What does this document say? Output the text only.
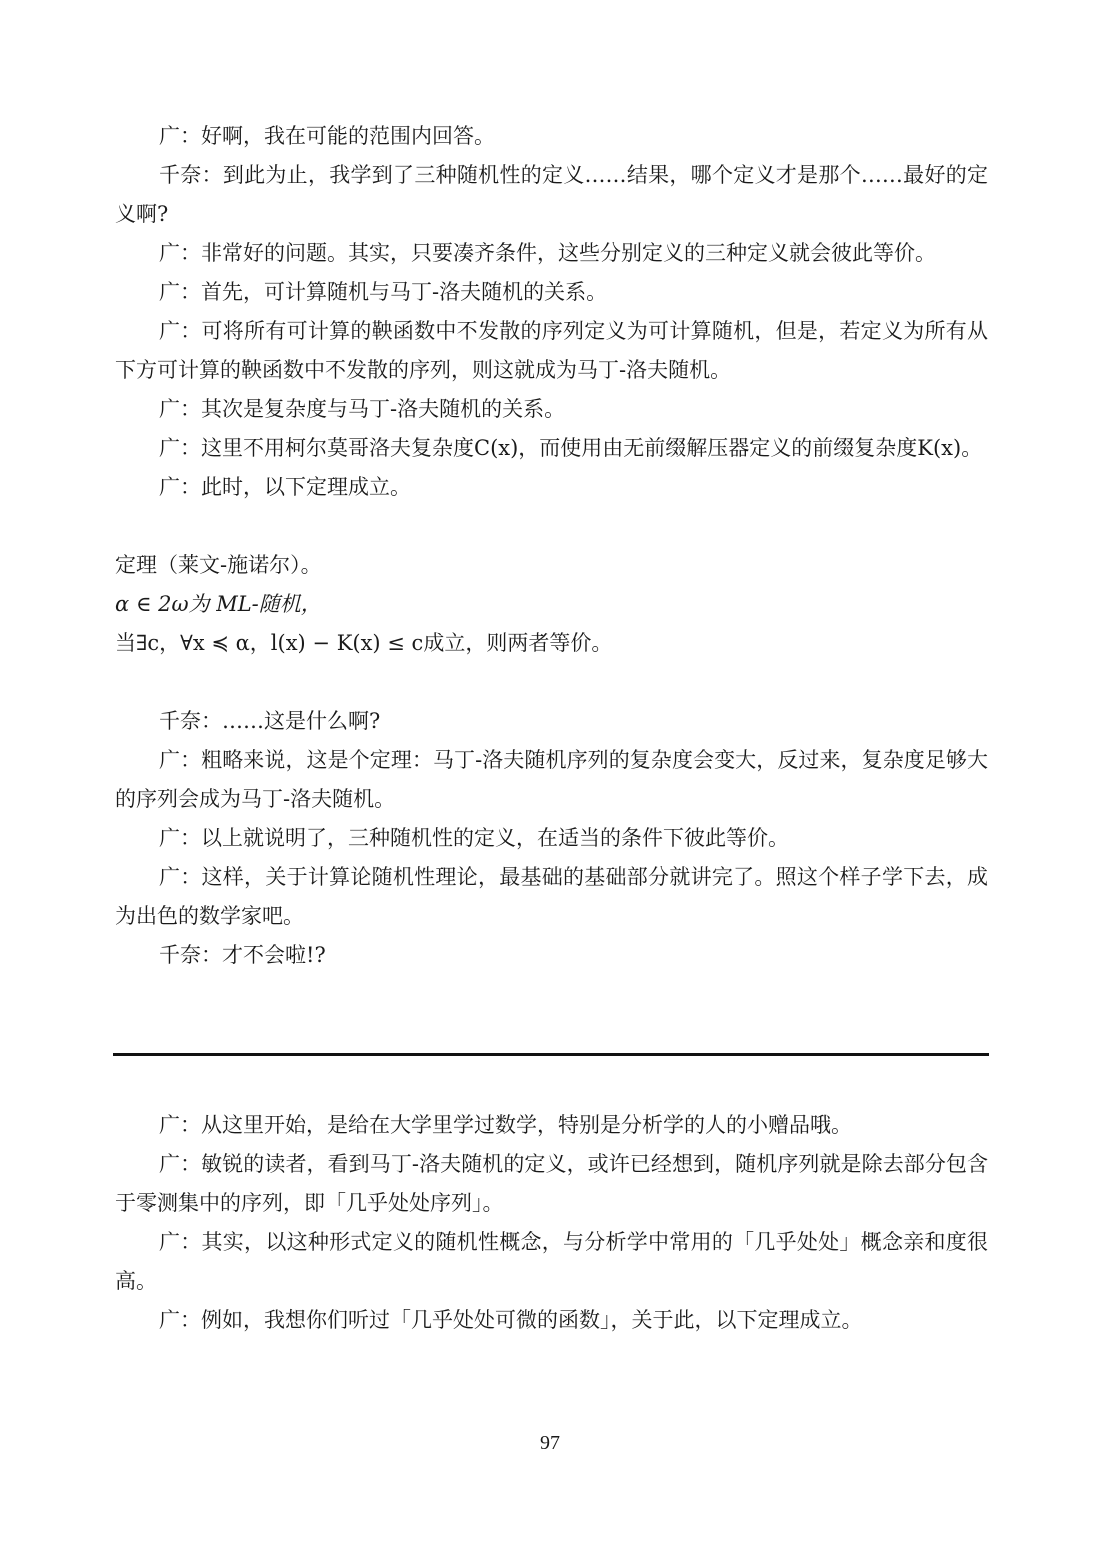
广：好啊，我在可能的范围内回答。

千奈：到此为止，我学到了三种随机性的定义……结果，哪个定义才是那个……最好的定义啊?

广：非常好的问题。其实，只要凑齐条件，这些分别定义的三种定义就会彼此等价。

广：首先，可计算随机与马丁-洛夫随机的关系。

广：可将所有可计算的鞅函数中不发散的序列定义为可计算随机，但是，若定义为所有从下方可计算的鞅函数中不发散的序列，则这就成为马丁-洛夫随机。

广：其次是复杂度与马丁-洛夫随机的关系。

广：这里不用柯尔莫哥洛夫复杂度C(x)，而使用由无前缀解压器定义的前缀复杂度K(x)。

广：此时，以下定理成立。

定理（莱文-施诺尔）。

α ∈ 2ω为 ML-随机，

当∃c，∀x ≼ α，l(x) − K(x) ≤ c成立，则两者等价。

千奈：……这是什么啊?

广：粗略来说，这是个定理：马丁-洛夫随机序列的复杂度会变大，反过来，复杂度足够大的序列会成为马丁-洛夫随机。

广：以上就说明了，三种随机性的定义，在适当的条件下彼此等价。

广：这样，关于计算论随机性理论，最基础的基础部分就讲完了。照这个样子学下去，成为出色的数学家吧。

千奈：才不会啦!?

广：从这里开始，是给在大学里学过数学，特别是分析学的人的小赠品哦。

广：敏锐的读者，看到马丁-洛夫随机的定义，或许已经想到，随机序列就是除去部分包含于零测集中的序列，即「几乎处处序列」。

广：其实，以这种形式定义的随机性概念，与分析学中常用的「几乎处处」概念亲和度很高。

广：例如，我想你们听过「几乎处处可微的函数」，关于此，以下定理成立。

97
